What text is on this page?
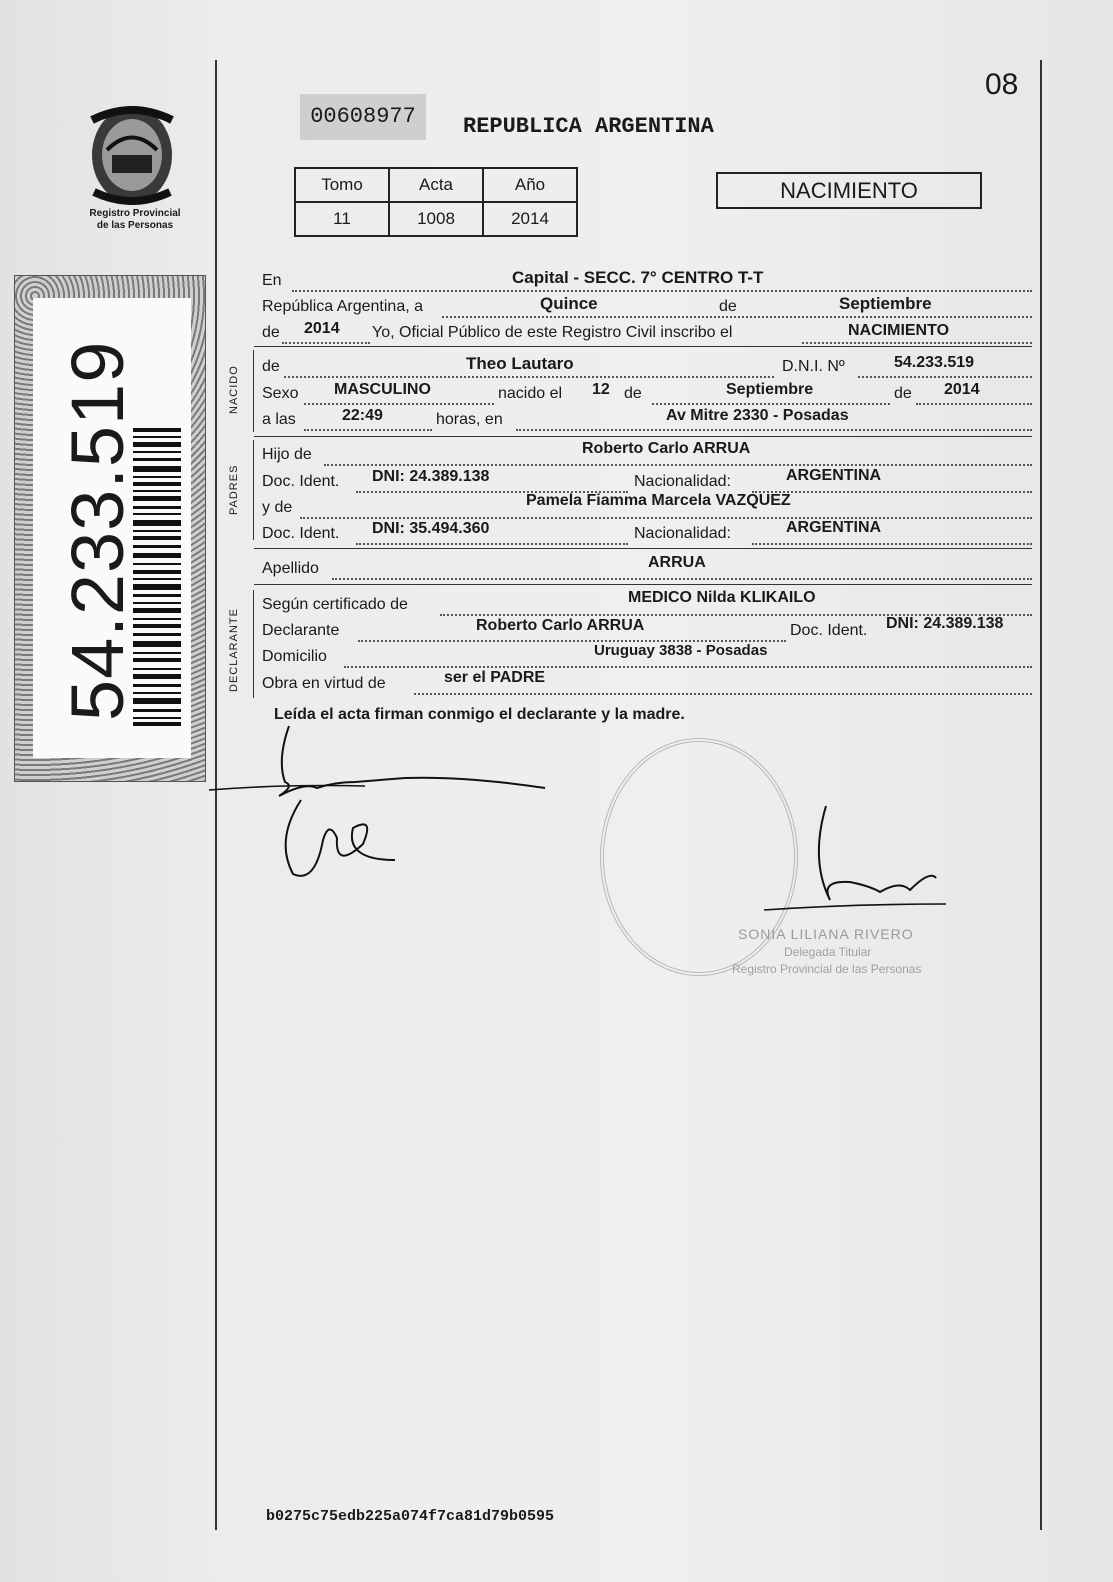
Registro Provincial
de las Personas
54.233.519
08
00608977	REPUBLICA ARGENTINA
Tomo	Acta	Año
11	1008	2014
NACIMIENTO
En	Capital - SECC. 7° CENTRO T-T
República Argentina, a	Quince	de	Septiembre
de 2014 Yo, Oficial Público de este Registro Civil inscribo el	NACIMIENTO
NACIDO de	Theo Lautaro	D.N.I. Nº	54.233.519
Sexo MASCULINO	nacido el 12 de	Septiembre	de 2014
a las	22:49	horas, en	Av Mitre 2330 - Posadas
PADRES
Hijo de	Roberto Carlo ARRUA
Doc. Ident. DNI: 24.389.138	Nacionalidad:	ARGENTINA
y de	Pamela Fiamma Marcela VAZQUEZ
Doc. Ident. DNI: 35.494.360	Nacionalidad:	ARGENTINA
Apellido	ARRUA
DECLARANTE
Según certificado de	MEDICO Nilda KLIKAILO
Declarante	Roberto Carlo ARRUA	Doc. Ident. DNI: 24.389.138
Domicilio	Uruguay 3838 - Posadas
Obra en virtud de	ser el PADRE
Leída el acta firman conmigo el declarante y la madre.
SONIA LILIANA RIVERO
Delegada Titular
Registro Provincial de las Personas
b0275c75edb225a074f7ca81d79b0595
